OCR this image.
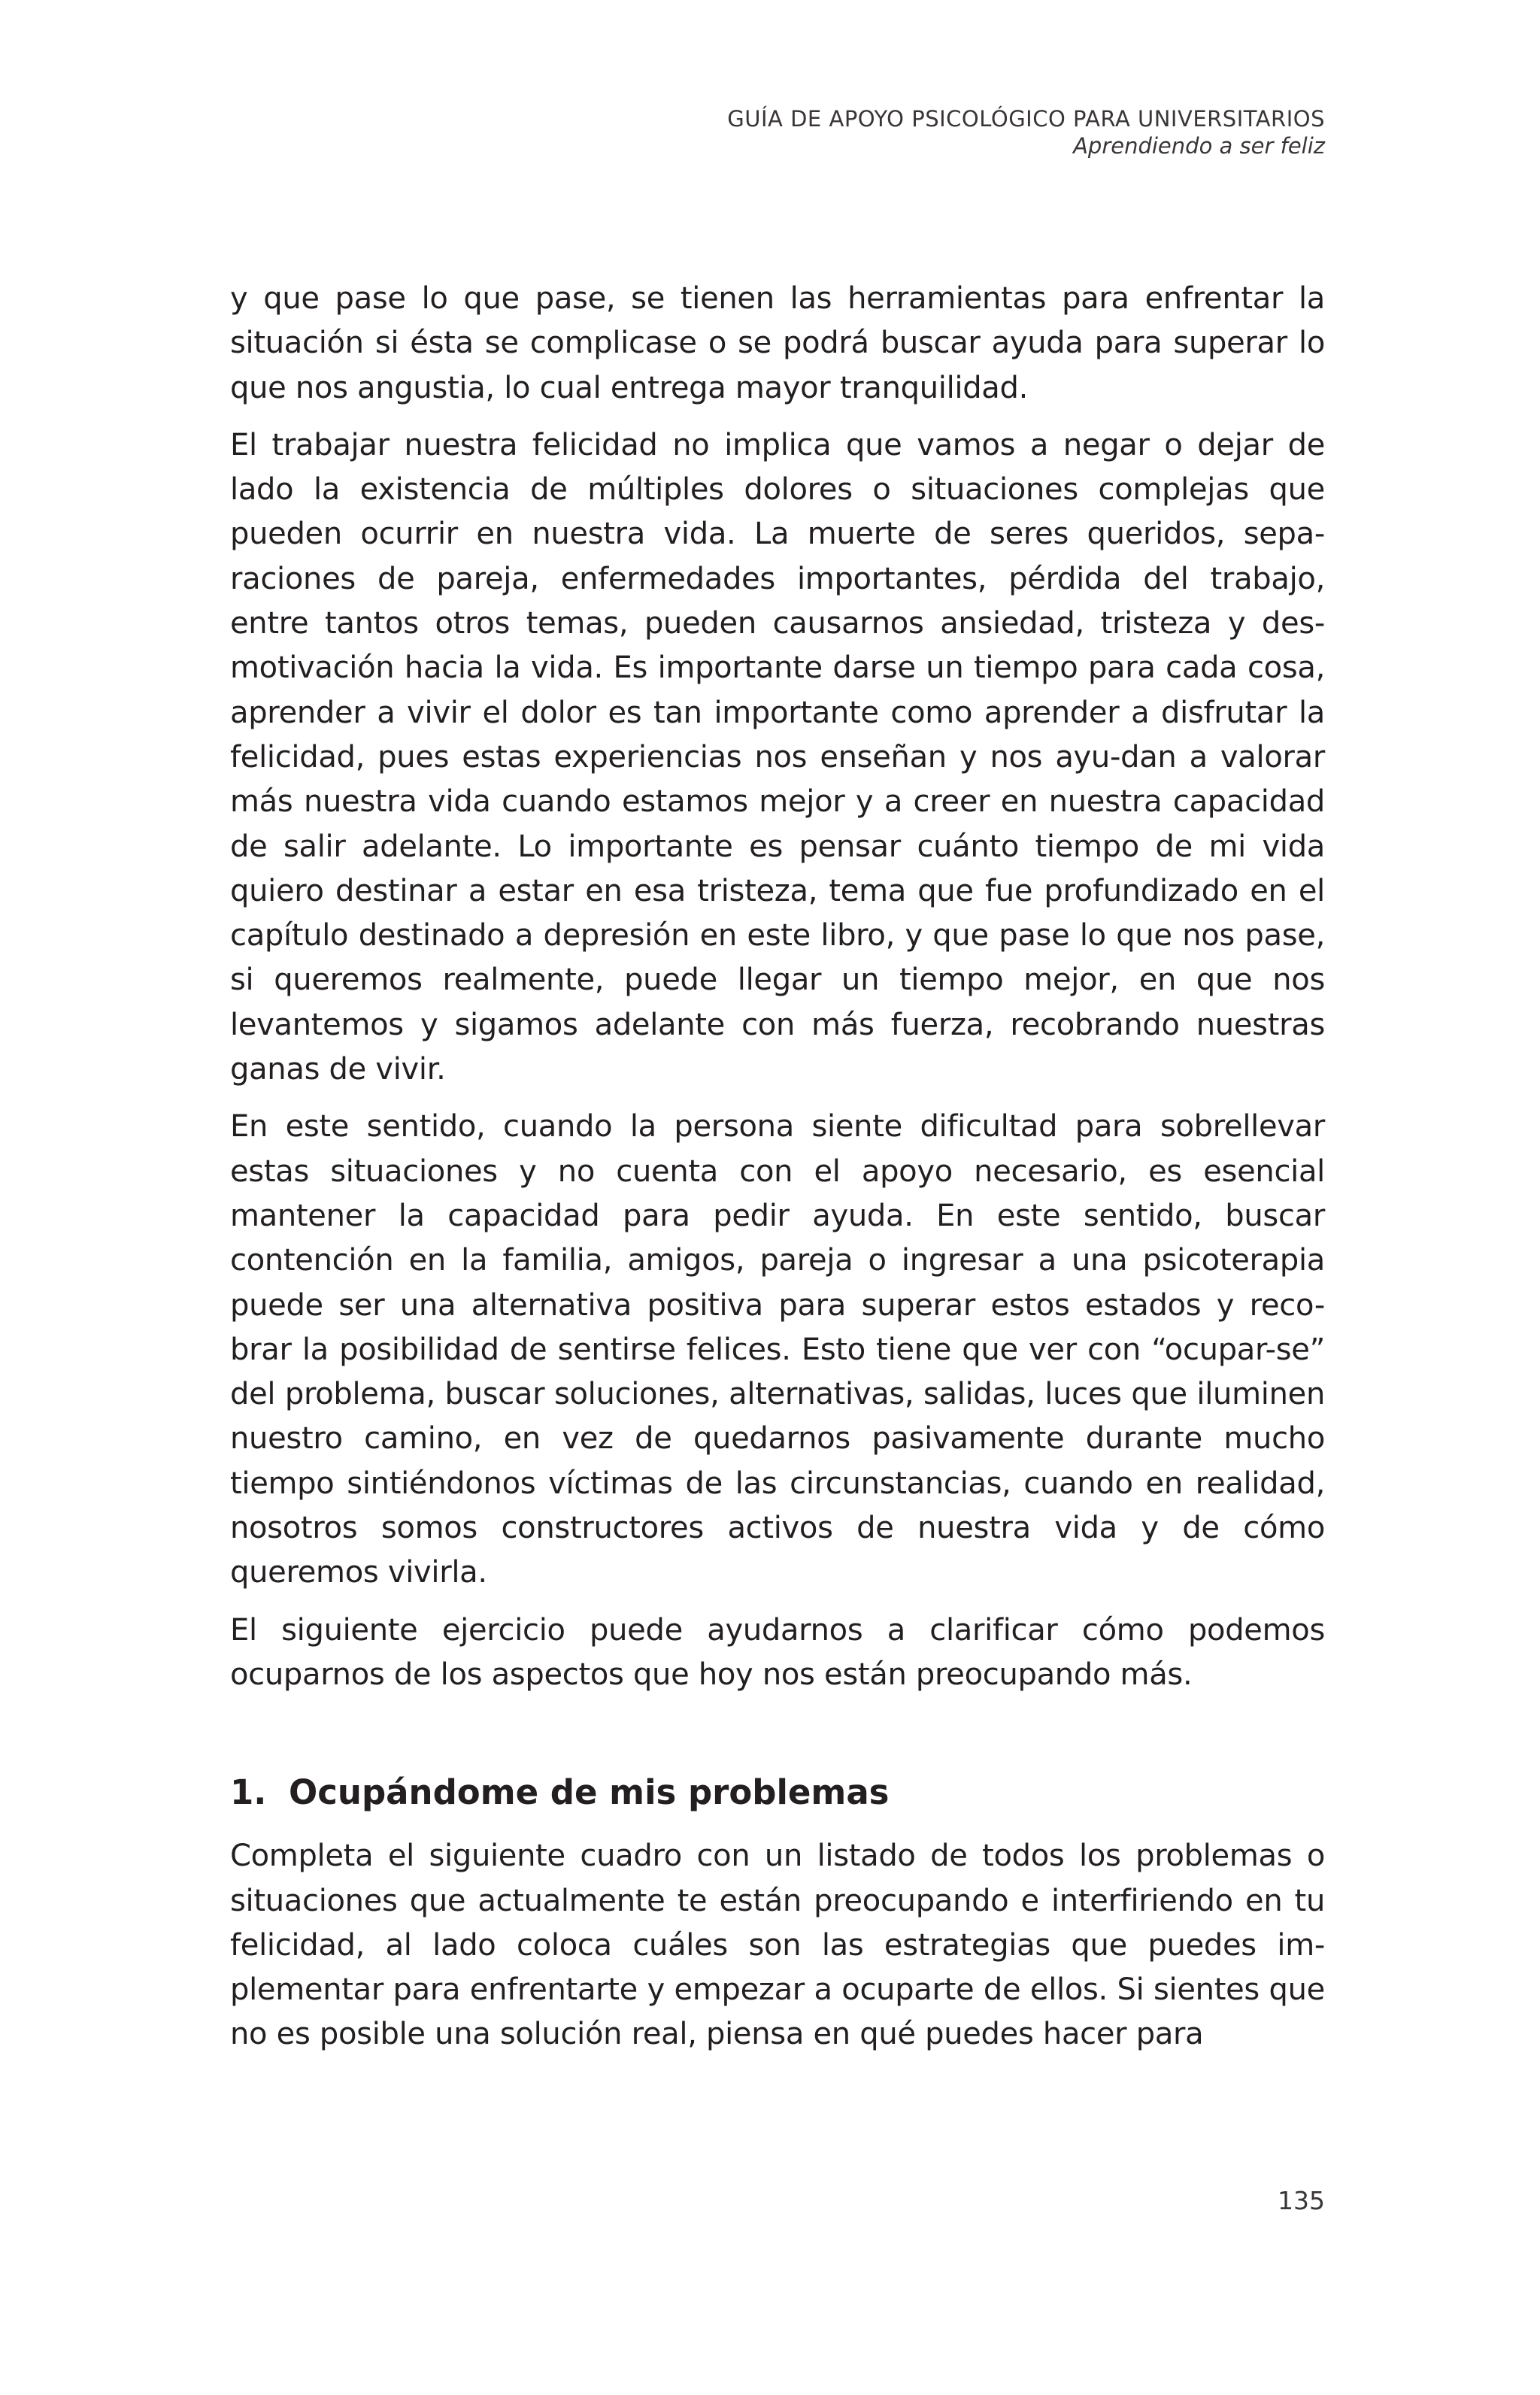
GUÍA DE APOYO PSICOLÓGICO PARA UNIVERSITARIOS
Aprendiendo a ser feliz

y que pase lo que pase, se tienen las herramientas para enfrentar la situación si ésta se complicase o se podrá buscar ayuda para superar lo que nos angustia, lo cual entrega mayor tranquilidad.

El trabajar nuestra felicidad no implica que vamos a negar o dejar de lado la existencia de múltiples dolores o situaciones complejas que pueden ocurrir en nuestra vida. La muerte de seres queridos, sepa-raciones de pareja, enfermedades importantes, pérdida del trabajo, entre tantos otros temas, pueden causarnos ansiedad, tristeza y des-motivación hacia la vida. Es importante darse un tiempo para cada cosa, aprender a vivir el dolor es tan importante como aprender a disfrutar la felicidad, pues estas experiencias nos enseñan y nos ayu-dan a valorar más nuestra vida cuando estamos mejor y a creer en nuestra capacidad de salir adelante. Lo importante es pensar cuánto tiempo de mi vida quiero destinar a estar en esa tristeza, tema que fue profundizado en el capítulo destinado a depresión en este libro, y que pase lo que nos pase, si queremos realmente, puede llegar un tiempo mejor, en que nos levantemos y sigamos adelante con más fuerza, recobrando nuestras ganas de vivir.

En este sentido, cuando la persona siente dificultad para sobrellevar estas situaciones y no cuenta con el apoyo necesario, es esencial mantener la capacidad para pedir ayuda. En este sentido, buscar contención en la familia, amigos, pareja o ingresar a una psicoterapia puede ser una alternativa positiva para superar estos estados y reco-brar la posibilidad de sentirse felices. Esto tiene que ver con “ocupar-se” del problema, buscar soluciones, alternativas, salidas, luces que iluminen nuestro camino, en vez de quedarnos pasivamente durante mucho tiempo sintiéndonos víctimas de las circunstancias, cuando en realidad, nosotros somos constructores activos de nuestra vida y de cómo queremos vivirla.

El siguiente ejercicio puede ayudarnos a clarificar cómo podemos ocuparnos de los aspectos que hoy nos están preocupando más.

1. Ocupándome de mis problemas

Completa el siguiente cuadro con un listado de todos los problemas o situaciones que actualmente te están preocupando e interfiriendo en tu felicidad, al lado coloca cuáles son las estrategias que puedes im-plementar para enfrentarte y empezar a ocuparte de ellos. Si sientes que no es posible una solución real, piensa en qué puedes hacer para

135
